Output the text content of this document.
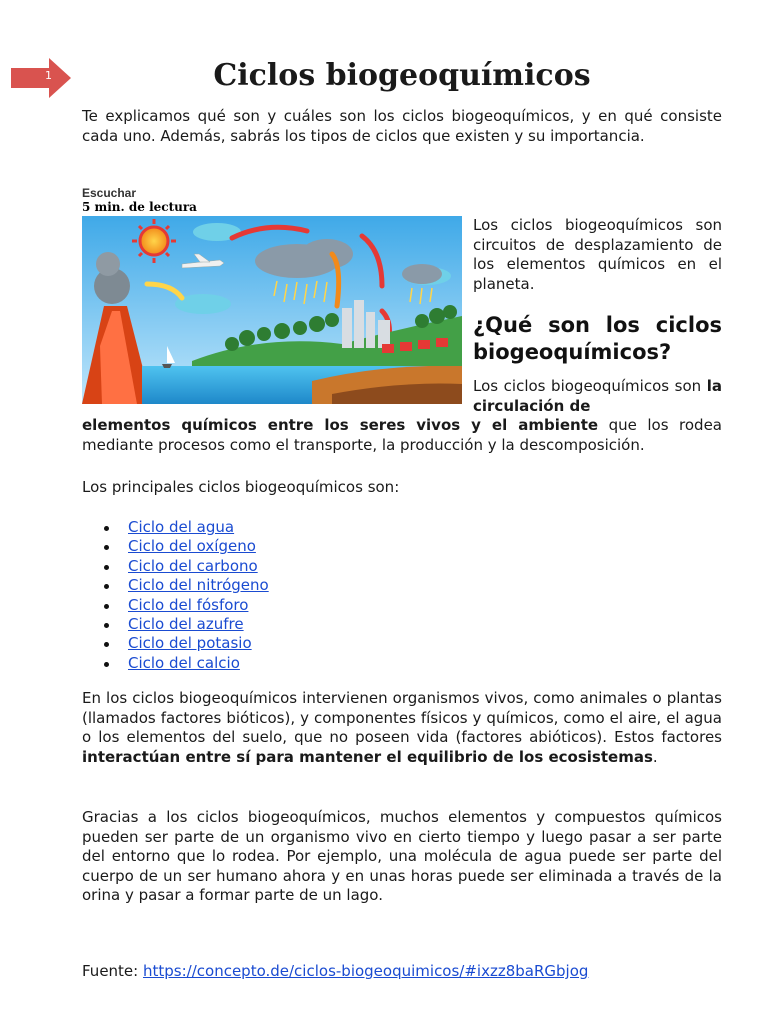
1	Ciclos biogeoquímicos

Te explicamos qué son y cuáles son los ciclos biogeoquímicos, y en qué consiste cada uno. Además, sabrás los tipos de ciclos que existen y su importancia.

Escuchar
5 min. de lectura

Los ciclos biogeoquímicos son circuitos de desplazamiento de los elementos químicos en el planeta.

¿Qué son los ciclos biogeoquímicos?

Los ciclos biogeoquímicos son la circulación de

elementos químicos entre los seres vivos y el ambiente que los rodea mediante procesos como el transporte, la producción y la descomposición.

Los principales ciclos biogeoquímicos son:

Ciclo del agua
Ciclo del oxígeno
Ciclo del carbono
Ciclo del nitrógeno
Ciclo del fósforo
Ciclo del azufre
Ciclo del potasio
Ciclo del calcio

En los ciclos biogeoquímicos intervienen organismos vivos, como animales o plantas (llamados factores bióticos), y componentes físicos y químicos, como el aire, el agua o los elementos del suelo, que no poseen vida (factores abióticos). Estos factores interactúan entre sí para mantener el equilibrio de los ecosistemas.

Gracias a los ciclos biogeoquímicos, muchos elementos y compuestos químicos pueden ser parte de un organismo vivo en cierto tiempo y luego pasar a ser parte del entorno que lo rodea. Por ejemplo, una molécula de agua puede ser parte del cuerpo de un ser humano ahora y en unas horas puede ser eliminada a través de la orina y pasar a formar parte de un lago.

Fuente: https://concepto.de/ciclos-biogeoquimicos/#ixzz8baRGbjog
